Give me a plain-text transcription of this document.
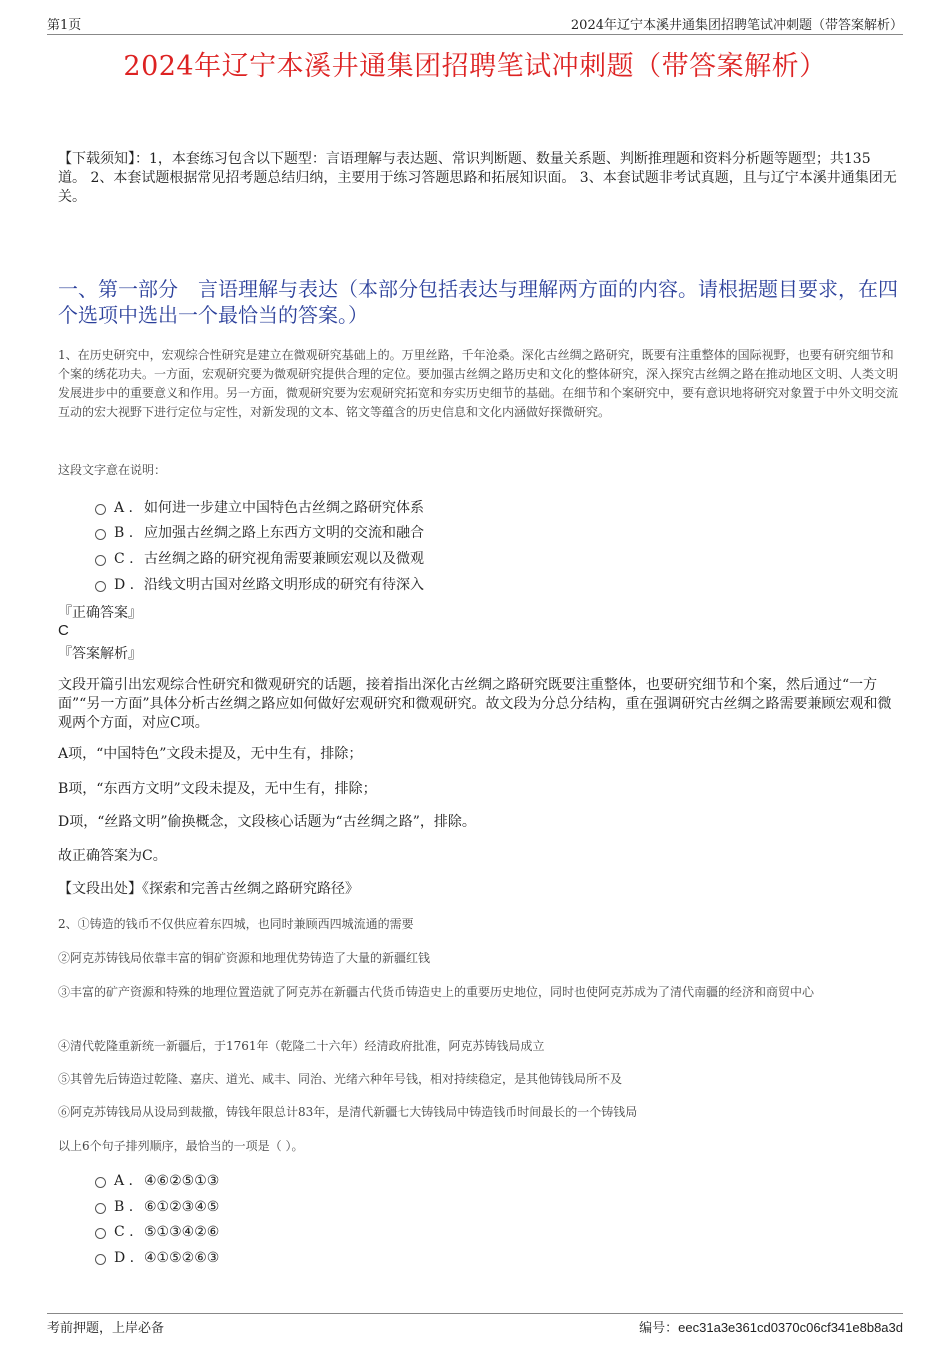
第1页	2024年辽宁本溪井通集团招聘笔试冲刺题（带答案解析）
2024年辽宁本溪井通集团招聘笔试冲刺题（带答案解析）
【下载须知】：1，本套练习包含以下题型：言语理解与表达题、常识判断题、数量关系题、判断推理题和资料分析题等题型；共135道。 2、本套试题根据常见招考题总结归纳，主要用于练习答题思路和拓展知识面。 3、本套试题非考试真题，且与辽宁本溪井通集团无关。
一、第一部分　言语理解与表达（本部分包括表达与理解两方面的内容。请根据题目要求，在四个选项中选出一个最恰当的答案。）
1、在历史研究中，宏观综合性研究是建立在微观研究基础上的。万里丝路，千年沧桑。深化古丝绸之路研究，既要有注重整体的国际视野，也要有研究细节和个案的绣花功夫。一方面，宏观研究要为微观研究提供合理的定位。要加强古丝绸之路历史和文化的整体研究，深入探究古丝绸之路在推动地区文明、人类文明发展进步中的重要意义和作用。另一方面，微观研究要为宏观研究拓宽和夯实历史细节的基础。在细节和个案研究中，要有意识地将研究对象置于中外文明交流互动的宏大视野下进行定位与定性，对新发现的文本、铭文等蕴含的历史信息和文化内涵做好探微研究。
这段文字意在说明：
A . 如何进一步建立中国特色古丝绸之路研究体系
B . 应加强古丝绸之路上东西方文明的交流和融合
C . 古丝绸之路的研究视角需要兼顾宏观以及微观
D . 沿线文明古国对丝路文明形成的研究有待深入
『正确答案』
C
『答案解析』
文段开篇引出宏观综合性研究和微观研究的话题，接着指出深化古丝绸之路研究既要注重整体，也要研究细节和个案，然后通过“一方面”“另一方面”具体分析古丝绸之路应如何做好宏观研究和微观研究。故文段为分总分结构，重在强调研究古丝绸之路需要兼顾宏观和微观两个方面，对应C项。
A项，“中国特色”文段未提及，无中生有，排除；
B项，“东西方文明”文段未提及，无中生有，排除；
D项，“丝路文明”偷换概念，文段核心话题为“古丝绸之路”，排除。
故正确答案为C。
【文段出处】《探索和完善古丝绸之路研究路径》
2、①铸造的钱币不仅供应着东四城，也同时兼顾西四城流通的需要
②阿克苏铸钱局依靠丰富的铜矿资源和地理优势铸造了大量的新疆红钱
③丰富的矿产资源和特殊的地理位置造就了阿克苏在新疆古代货币铸造史上的重要历史地位，同时也使阿克苏成为了清代南疆的经济和商贸中心
④清代乾隆重新统一新疆后，于1761年（乾隆二十六年）经清政府批准，阿克苏铸钱局成立
⑤其曾先后铸造过乾隆、嘉庆、道光、咸丰、同治、光绪六种年号钱，相对持续稳定，是其他铸钱局所不及
⑥阿克苏铸钱局从设局到裁撤，铸钱年限总计83年，是清代新疆七大铸钱局中铸造钱币时间最长的一个铸钱局
以上6个句子排列顺序，最恰当的一项是（ ）。
A . ④⑥②⑤①③
B . ⑥①②③④⑤
C . ⑤①③④②⑥
D . ④①⑤②⑥③
考前押题，上岸必备	编号：eec31a3e361cd0370c06cf341e8b8a3d
